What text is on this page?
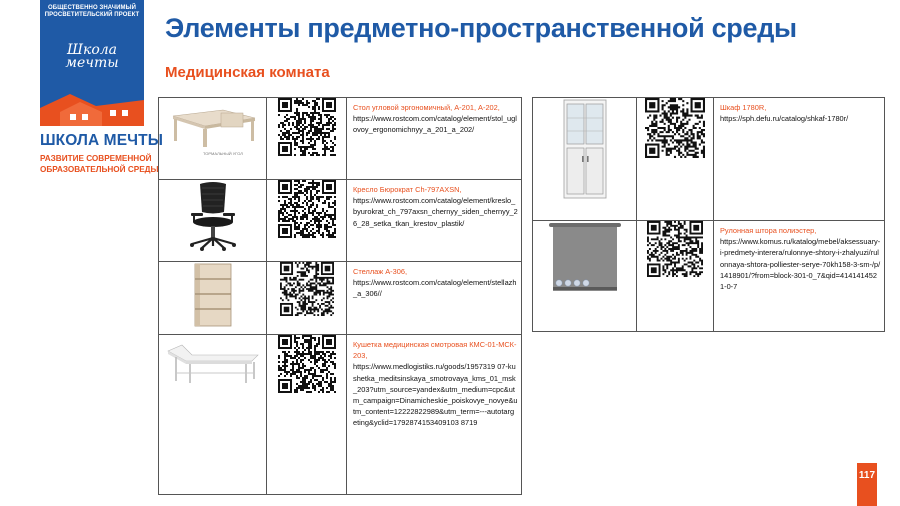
ОБЩЕСТВЕННО ЗНАЧИМЫЙ
ПРОСВЕТИТЕЛЬСКИЙ ПРОЕКТ
Школа
мечты
ШКОЛА МЕЧТЫ
РАЗВИТИЕ СОВРЕМЕННОЙ
ОБРАЗОВАТЕЛЬНОЙ СРЕДЫ
Элементы предметно-пространственной среды
Медицинская комната
ТОРМАЛЬНЫЙ УГОЛ		Стол угловой эргономичный, А-201, А-202,
https://www.rostcom.com/catalog/element/stol_uglovoy_ergonomichnyy_a_201_a_202/

Кресло Бюрократ Ch-797AXSN,
https://www.rostcom.com/catalog/element/kreslo_byurokrat_ch_797axsn_chernyy_siden_chernyy_26_28_setka_tkan_krestov_plastik/

Стеллаж А-306,
https://www.rostcom.com/catalog/element/stellazh_a_306//

Кушетка медицинская смотровая КМС-01-МСК-203,
https://www.medlogistiks.ru/goods/1957319 07-kushetka_meditsinskaya_smotrovaya_kms_01_msk_203?utm_source=yandex&utm_medium=cpc&utm_campaign=Dinamicheskie_poiskovye_novye&utm_content=12222822989&utm_term=---autotargeting&yclid=1792874153409103 8719

Шкаф 1780R,
https://sph.defu.ru/catalog/shkaf-1780r/

Рулонная штора полиэстер,
https://www.komus.ru/katalog/mebel/aksessuary-i-predmety-interera/rulonnye-shtory-i-zhalyuzi/rulonnaya-shtora-polliester-serye-70kh158-3-sm-/p/1418901/?from=block-301-0_7&qid=4141414521-0-7
117
